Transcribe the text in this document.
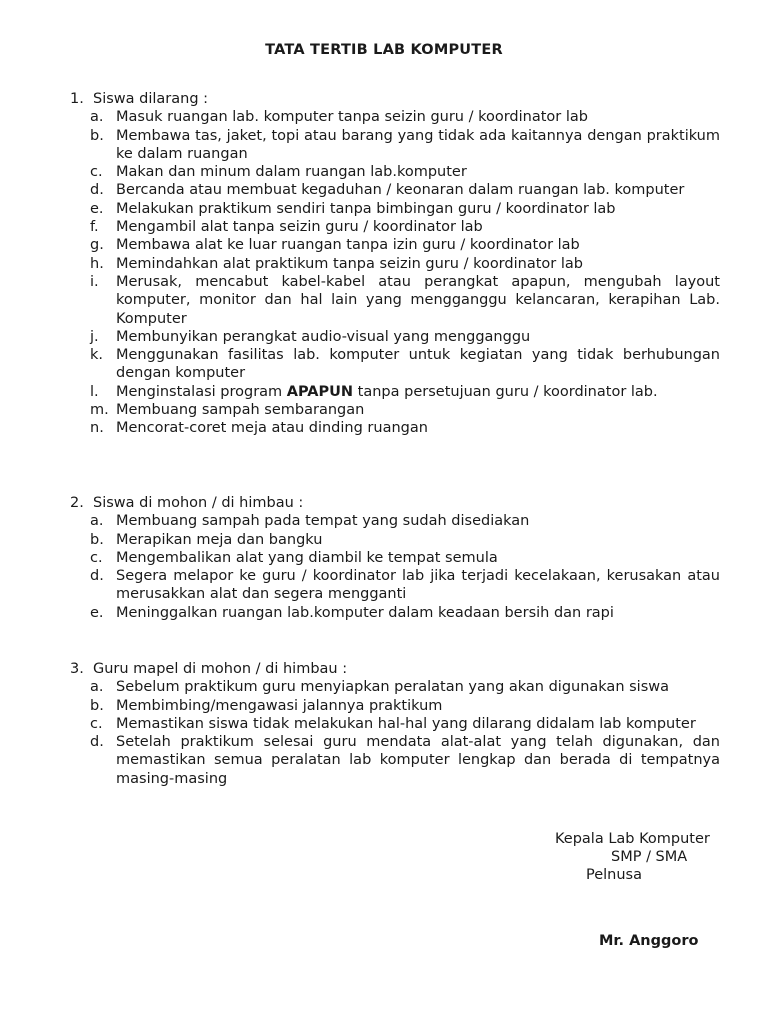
TATA TERTIB LAB KOMPUTER
1. Siswa dilarang :
a. Masuk ruangan lab. komputer tanpa seizin guru / koordinator lab
b. Membawa tas, jaket, topi atau barang yang tidak ada kaitannya dengan praktikum ke dalam ruangan
c. Makan dan minum dalam ruangan lab.komputer
d. Bercanda atau membuat kegaduhan / keonaran dalam ruangan lab. komputer
e. Melakukan praktikum sendiri tanpa bimbingan guru / koordinator lab
f.	Mengambil alat tanpa seizin guru / koordinator lab
g. Membawa alat ke luar ruangan tanpa izin guru / koordinator lab
h. Memindahkan alat praktikum tanpa seizin guru / koordinator lab
i.	Merusak, mencabut kabel-kabel atau perangkat apapun, mengubah layout komputer, monitor dan hal lain yang mengganggu kelancaran, kerapihan Lab. Komputer
j.	Membunyikan perangkat audio-visual yang mengganggu
k. Menggunakan fasilitas lab. komputer untuk kegiatan yang tidak berhubungan dengan komputer
l.	Menginstalasi program APAPUN tanpa persetujuan guru / koordinator lab.
m. Membuang sampah sembarangan
n. Mencorat-coret meja atau dinding ruangan
2. Siswa di mohon / di himbau :
a. Membuang sampah pada tempat yang sudah disediakan
b. Merapikan meja dan bangku
c. Mengembalikan alat yang diambil ke tempat semula
d. Segera melapor ke guru / koordinator lab jika terjadi kecelakaan, kerusakan atau merusakkan alat dan segera mengganti
e. Meninggalkan ruangan lab.komputer dalam keadaan bersih dan rapi
3. Guru mapel di mohon / di himbau :
a. Sebelum praktikum guru menyiapkan peralatan yang akan digunakan siswa
b. Membimbing/mengawasi jalannya praktikum
c. Memastikan siswa tidak melakukan hal-hal yang dilarang didalam lab komputer
d. Setelah praktikum selesai guru mendata alat-alat yang telah digunakan, dan memastikan semua peralatan lab komputer lengkap dan berada di tempatnya masing-masing
Kepala Lab Komputer
SMP / SMA
Pelnusa
Mr. Anggoro
